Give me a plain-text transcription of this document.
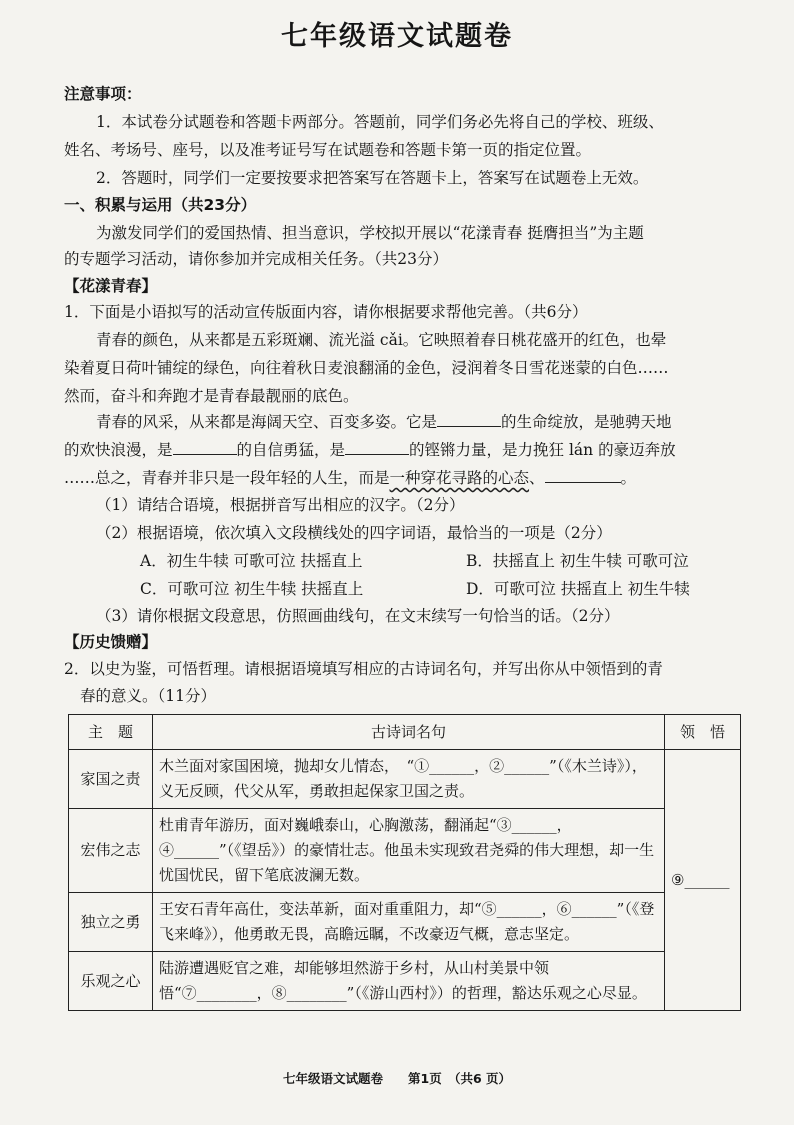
七年级语文试题卷
注意事项：
1．本试卷分试题卷和答题卡两部分。答题前，同学们务必先将自己的学校、班级、
姓名、考场号、座号，以及准考证号写在试题卷和答题卡第一页的指定位置。
2．答题时，同学们一定要按要求把答案写在答题卡上，答案写在试题卷上无效。
一、积累与运用（共23分）
为激发同学们的爱国热情、担当意识，学校拟开展以“花漾青春 挺膺担当”为主题
的专题学习活动，请你参加并完成相关任务。（共23分）
【花漾青春】
1．下面是小语拟写的活动宣传版面内容，请你根据要求帮他完善。（共6分）
青春的颜色，从来都是五彩斑斓、流光溢 cǎi。它映照着春日桃花盛开的红色，也晕
染着夏日荷叶铺绽的绿色，向往着秋日麦浪翻涌的金色，浸润着冬日雪花迷蒙的白色……
然而，奋斗和奔跑才是青春最靓丽的底色。
青春的风采，从来都是海阔天空、百变多姿。它是	的生命绽放，是驰骋天地
的欢快浪漫，是	的自信勇猛，是	的铿锵力量，是力挽狂 lán 的豪迈奔放
……总之，青春并非只是一段年轻的人生，而是一种穿花寻路的心态、	。
（1）请结合语境，根据拼音写出相应的汉字。（2分）
（2）根据语境，依次填入文段横线处的四字词语，最恰当的一项是（2分）
A．初生牛犊 可歌可泣 扶摇直上	B．扶摇直上 初生牛犊 可歌可泣
C．可歌可泣 初生牛犊 扶摇直上	D．可歌可泣 扶摇直上 初生牛犊
（3）请你根据文段意思，仿照画曲线句，在文末续写一句恰当的话。（2分）
【历史馈赠】
2．以史为鉴，可悟哲理。请根据语境填写相应的古诗词名句，并写出你从中领悟到的青
春的意义。（11分）
主　题	古诗词名句	领　悟
家国之责	木兰面对家国困境，抛却女儿情态，　“①______，②______”（《木兰诗》），义无反顾，代父从军，勇敢担起保家卫国之责。	⑨______
宏伟之志	杜甫青年游历，面对巍峨泰山，心胸激荡，翻涌起“③______，④______”（《望岳》）的豪情壮志。他虽未实现致君尧舜的伟大理想，却一生忧国忧民，留下笔底波澜无数。	
独立之勇	王安石青年高仕，变法革新，面对重重阻力，却“⑤______，⑥______”（《登飞来峰》），他勇敢无畏，高瞻远瞩，不改豪迈气概，意志坚定。	
乐观之心	陆游遭遇贬官之难，却能够坦然游于乡村，从山村美景中领悟“⑦________，⑧________”（《游山西村》）的哲理，豁达乐观之心尽显。	
七年级语文试题卷　　第1页　（共6 页）
